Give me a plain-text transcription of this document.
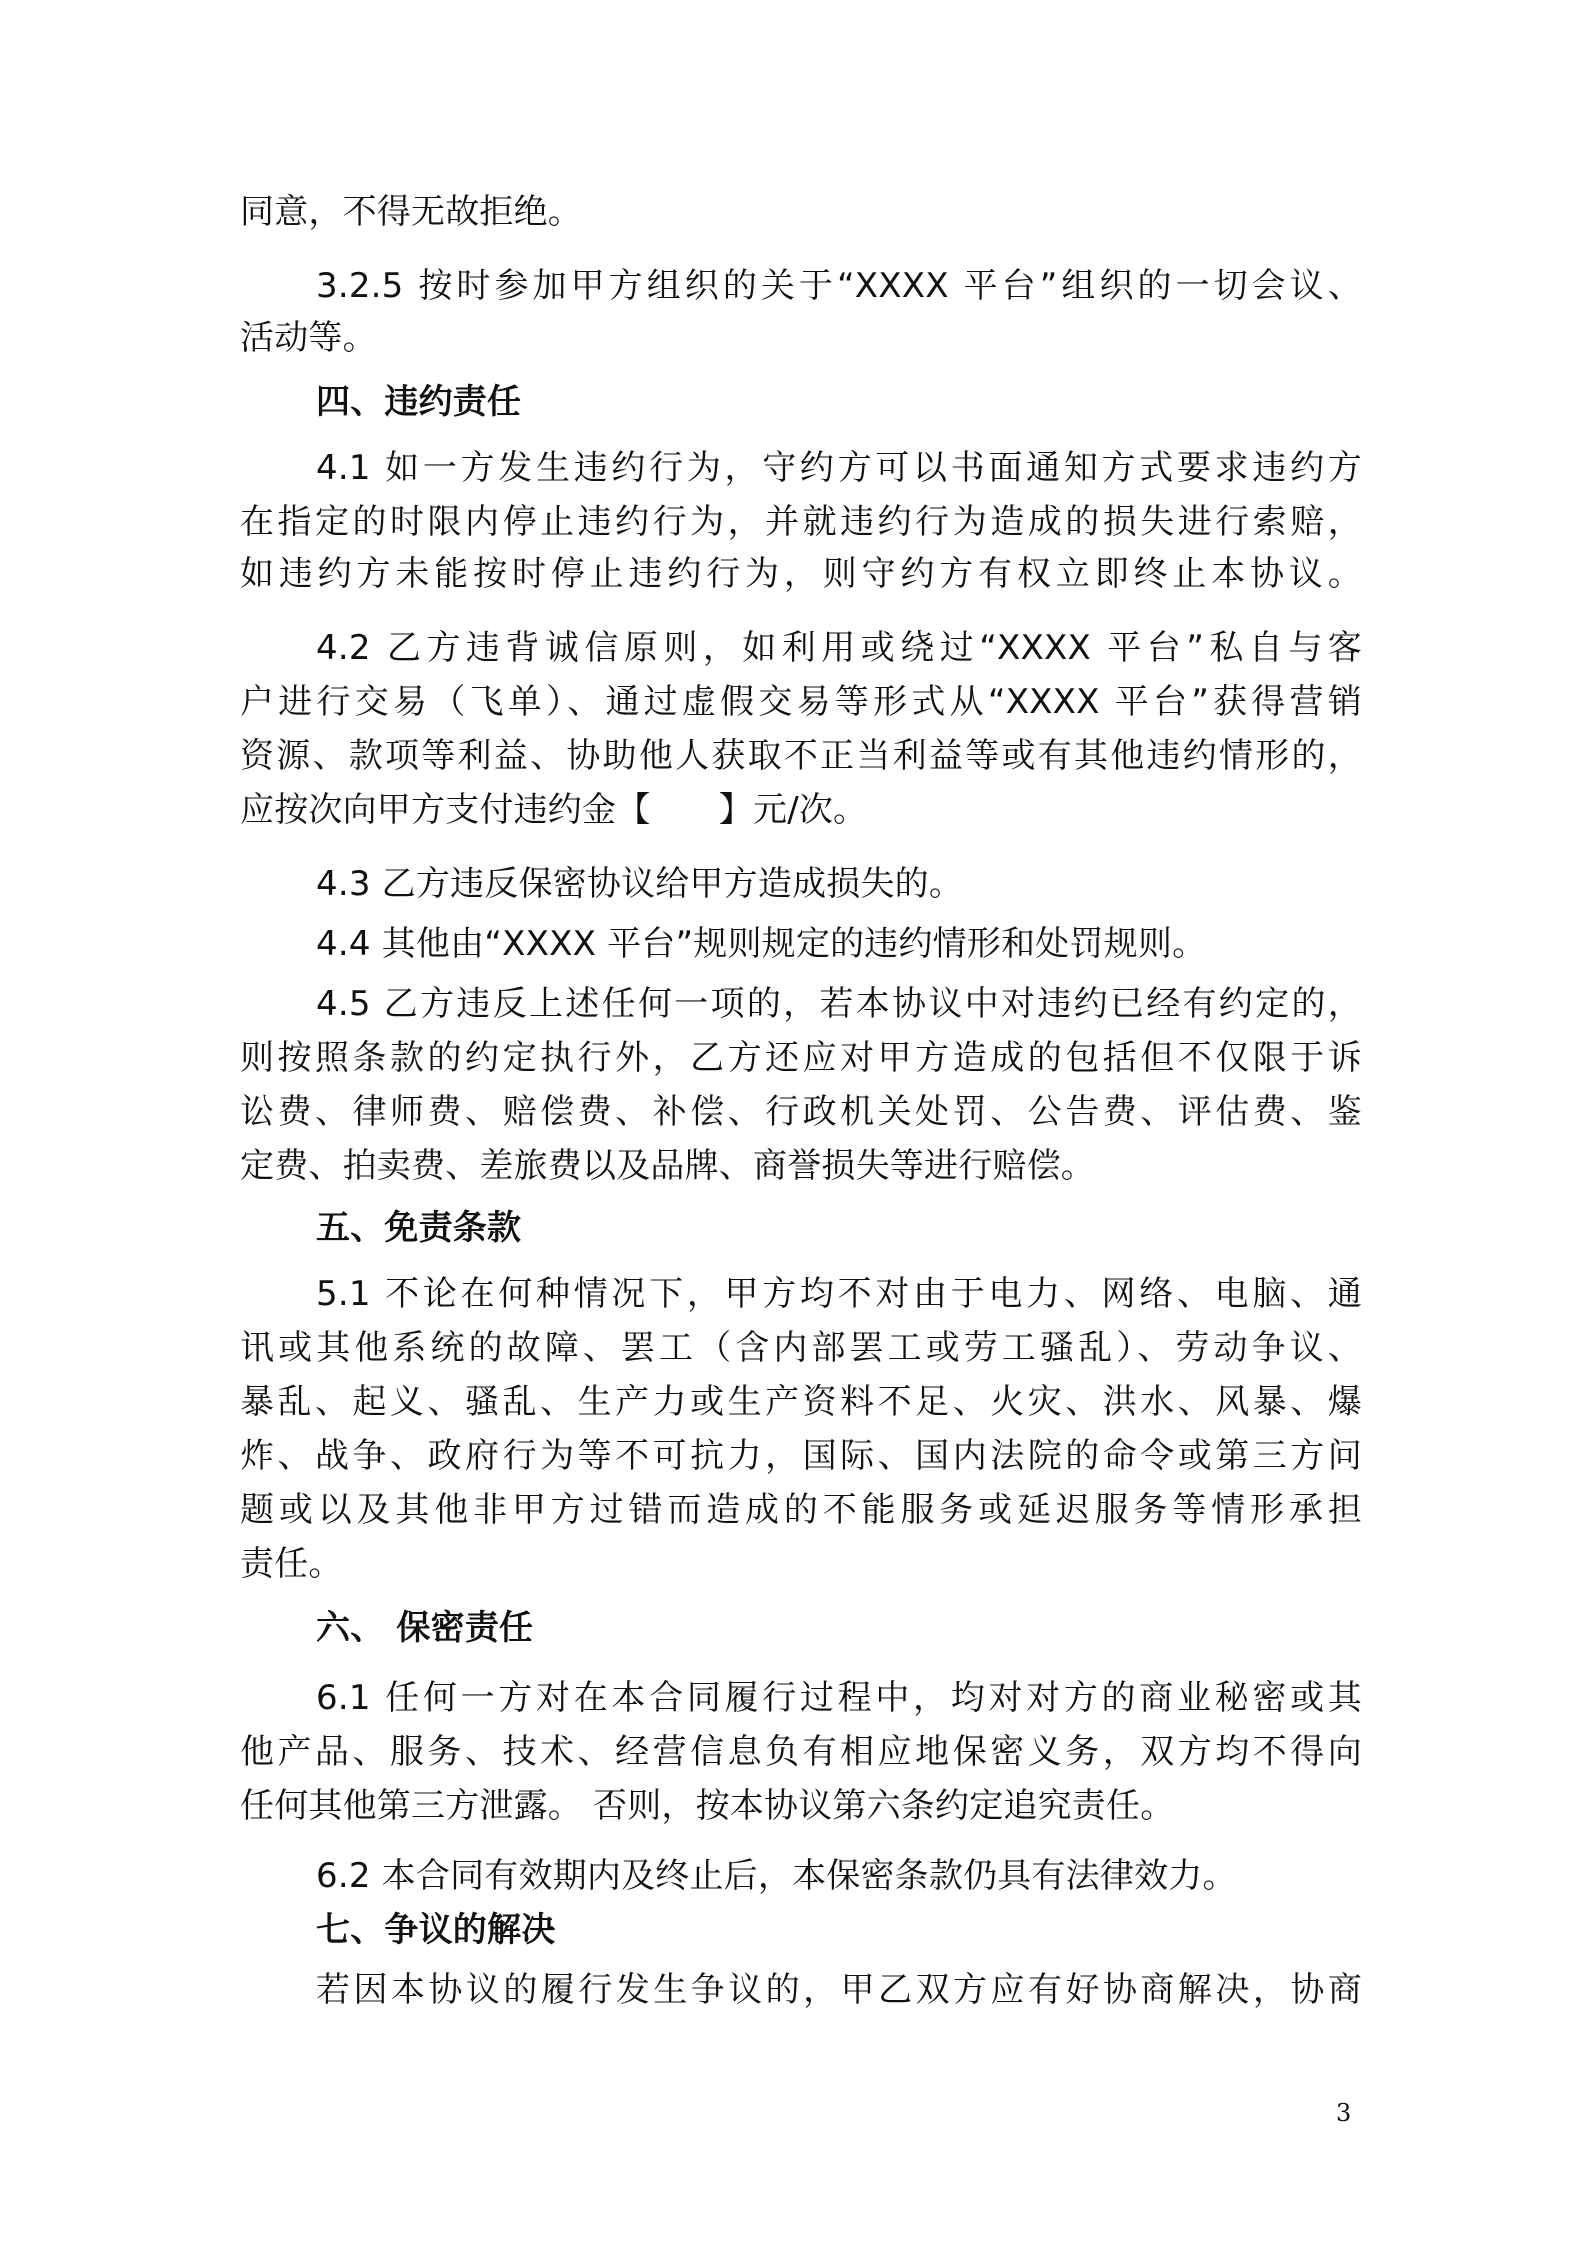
同意，不得无故拒绝。
3.2.5 按时参加甲方组织的关于“XXXX 平台”组织的一切会议、
活动等。
四、违约责任
4.1 如一方发生违约行为，守约方可以书面通知方式要求违约方
在指定的时限内停止违约行为，并就违约行为造成的损失进行索赔，
如违约方未能按时停止违约行为，则守约方有权立即终止本协议。
4.2 乙方违背诚信原则，如利用或绕过“XXXX 平台”私自与客
户进行交易（飞单）、通过虚假交易等形式从“XXXX 平台”获得营销
资源、款项等利益、协助他人获取不正当利益等或有其他违约情形的，
应按次向甲方支付违约金【　　】元/次。
4.3 乙方违反保密协议给甲方造成损失的。
4.4 其他由“XXXX 平台”规则规定的违约情形和处罚规则。
4.5 乙方违反上述任何一项的，若本协议中对违约已经有约定的，
则按照条款的约定执行外，乙方还应对甲方造成的包括但不仅限于诉
讼费、律师费、赔偿费、补偿、行政机关处罚、公告费、评估费、鉴
定费、拍卖费、差旅费以及品牌、商誉损失等进行赔偿。
五、免责条款
5.1 不论在何种情况下，甲方均不对由于电力、网络、电脑、通
讯或其他系统的故障、罢工（含内部罢工或劳工骚乱）、劳动争议、
暴乱、起义、骚乱、生产力或生产资料不足、火灾、洪水、风暴、爆
炸、战争、政府行为等不可抗力，国际、国内法院的命令或第三方问
题或以及其他非甲方过错而造成的不能服务或延迟服务等情形承担
责任。
六、 保密责任
6.1 任何一方对在本合同履行过程中，均对对方的商业秘密或其
他产品、服务、技术、经营信息负有相应地保密义务，双方均不得向
任何其他第三方泄露。 否则，按本协议第六条约定追究责任。
6.2 本合同有效期内及终止后，本保密条款仍具有法律效力。
七、争议的解决
若因本协议的履行发生争议的，甲乙双方应有好协商解决，协商
3
